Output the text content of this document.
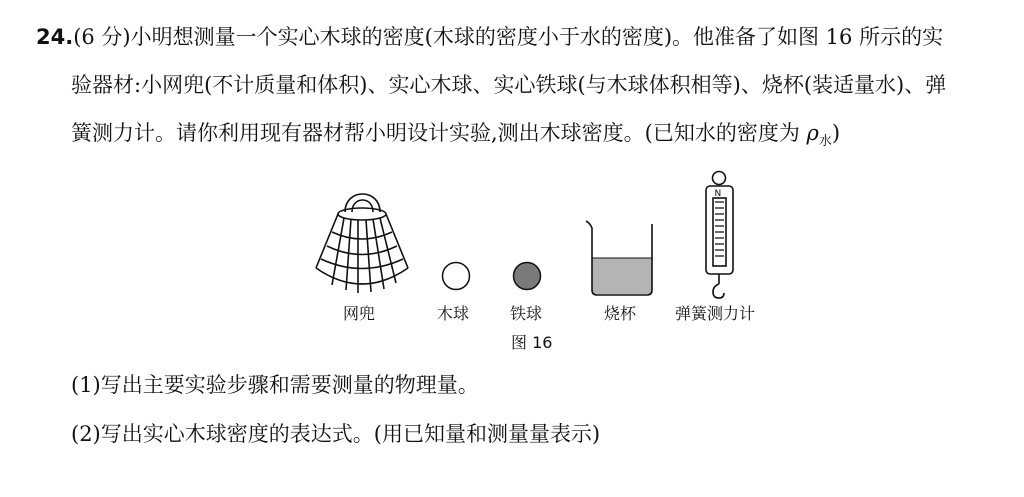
24.(6 分)小明想测量一个实心木球的密度(木球的密度小于水的密度)。他准备了如图 16 所示的实
验器材:小网兜(不计质量和体积)、实心木球、实心铁球(与木球体积相等)、烧杯(装适量水)、弹
簧测力计。请你利用现有器材帮小明设计实验,测出木球密度。(已知水的密度为 $\rho_水$)
N
网兜	木球	铁球	烧杯 弹簧测力计
图 16
(1)写出主要实验步骤和需要测量的物理量。
(2)写出实心木球密度的表达式。(用已知量和测量量表示)
